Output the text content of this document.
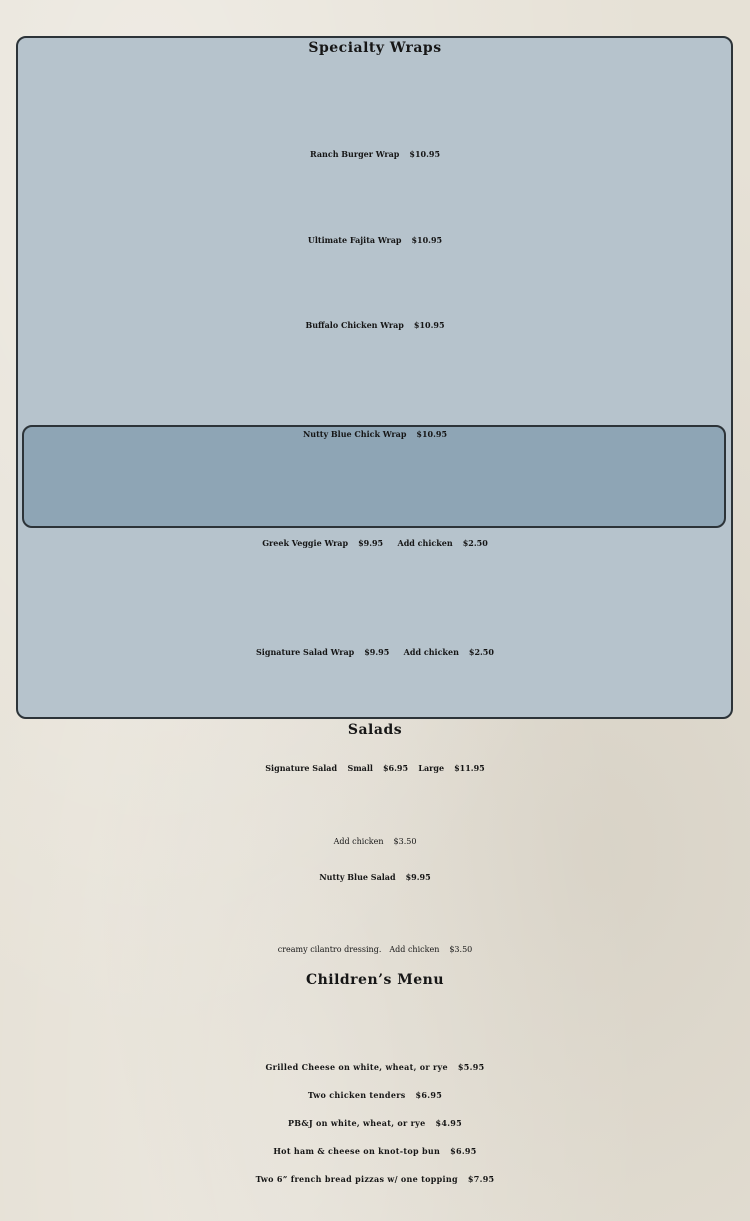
Specialty Wraps
Ranch Burger Wrap $10.95
Ultimate Fajita Wrap $10.95
Buffalo Chicken Wrap $10.95
Nutty Blue Chick Wrap $10.95
Greek Veggie Wrap $9.95 Add chicken $2.50
Signature Salad Wrap $9.95 Add chicken $2.50
Salads
Signature Salad Small $6.95 Large $11.95
Add chicken $3.50
Nutty Blue Salad $9.95
creamy cilantro dressing. Add chicken $3.50
Children’s Menu
Grilled Cheese on white, wheat, or rye $5.95
Two chicken tenders $6.95
PB&J on white, wheat, or rye $4.95
Hot ham & cheese on knot-top bun $6.95
Two 6” french bread pizzas w/ one topping $7.95
